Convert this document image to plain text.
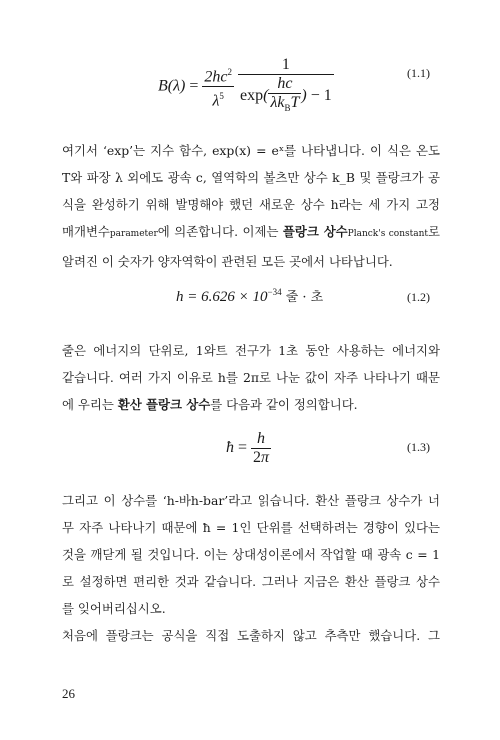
$B(\lambda) = \frac{2hc^2}{\lambda^5}$
$\frac{1}{\exp( \frac{hc}{\lambda k_BT} ) - 1}$	(1.1)
여기서 ‘exp’는 지수 함수, exp(x) = eˣ를 나타냅니다. 이 식은 온도
T와 파장 λ 외에도 광속 c, 열역학의 볼츠만 상수 k_B 및 플랑크가 공
식을 완성하기 위해 발명해야 했던 새로운 상수 h라는 세 가지 고정
매개변수parameter에 의존합니다. 이제는 플랑크 상수Planck's constant로
알려진 이 숫자가 양자역학이 관련된 모든 곳에서 나타납니다.
$h = 6.626 \times 10^{-34}$ 줄 · 초	(1.2)
줄은 에너지의 단위로, 1와트 전구가 1초 동안 사용하는 에너지와
같습니다. 여러 가지 이유로 h를 2π로 나눈 값이 자주 나타나기 때문
에 우리는 환산 플랑크 상수를 다음과 같이 정의합니다.
ħ = $\frac{h}{2\pi}$	(1.3)
그리고 이 상수를 ‘h-바h-bar’라고 읽습니다. 환산 플랑크 상수가 너
무 자주 나타나기 때문에 ħ = 1인 단위를 선택하려는 경향이 있다는
것을 깨닫게 될 것입니다. 이는 상대성이론에서 작업할 때 광속 c = 1
로 설정하면 편리한 것과 같습니다. 그러나 지금은 환산 플랑크 상수
를 잊어버리십시오.
처음에 플랑크는 공식을 직접 도출하지 않고 추측만 했습니다. 그
26
